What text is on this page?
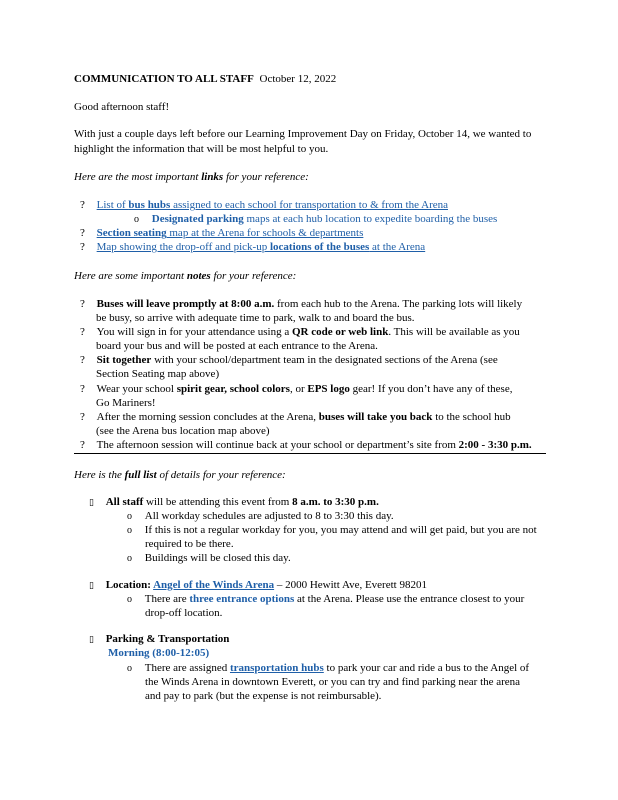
COMMUNICATION TO ALL STAFF October 12, 2022
Good afternoon staff!
With just a couple days left before our Learning Improvement Day on Friday, October 14, we wanted to
highlight the information that will be most helpful to you.
Here are the most important links for your reference:
? List of bus hubs assigned to each school for transportation to & from the Arena
o Designated parking maps at each hub location to expedite boarding the buses
? Section seating map at the Arena for schools & departments
? Map showing the drop-off and pick-up locations of the buses at the Arena
Here are some important notes for your reference:
? Buses will leave promptly at 8:00 a.m. from each hub to the Arena. The parking lots will likely
be busy, so arrive with adequate time to park, walk to and board the bus.
? You will sign in for your attendance using a QR code or web link. This will be available as you
board your bus and will be posted at each entrance to the Arena.
? Sit together with your school/department team in the designated sections of the Arena (see
Section Seating map above)
? Wear your school spirit gear, school colors, or EPS logo gear! If you don’t have any of these,
Go Mariners!
? After the morning session concludes at the Arena, buses will take you back to the school hub
(see the Arena bus location map above)
? The afternoon session will continue back at your school or department’s site from 2:00 - 3:30 p.m.
Here is the full list of details for your reference:
▯ All staff will be attending this event from 8 a.m. to 3:30 p.m.
o All workday schedules are adjusted to 8 to 3:30 this day.
o If this is not a regular workday for you, you may attend and will get paid, but you are not
required to be there.
o Buildings will be closed this day.
▯ Location: Angel of the Winds Arena – 2000 Hewitt Ave, Everett 98201
o There are three entrance options at the Arena. Please use the entrance closest to your
drop-off location.
▯ Parking & Transportation
Morning (8:00-12:05)
o There are assigned transportation hubs to park your car and ride a bus to the Angel of
the Winds Arena in downtown Everett, or you can try and find parking near the arena
and pay to park (but the expense is not reimbursable).
